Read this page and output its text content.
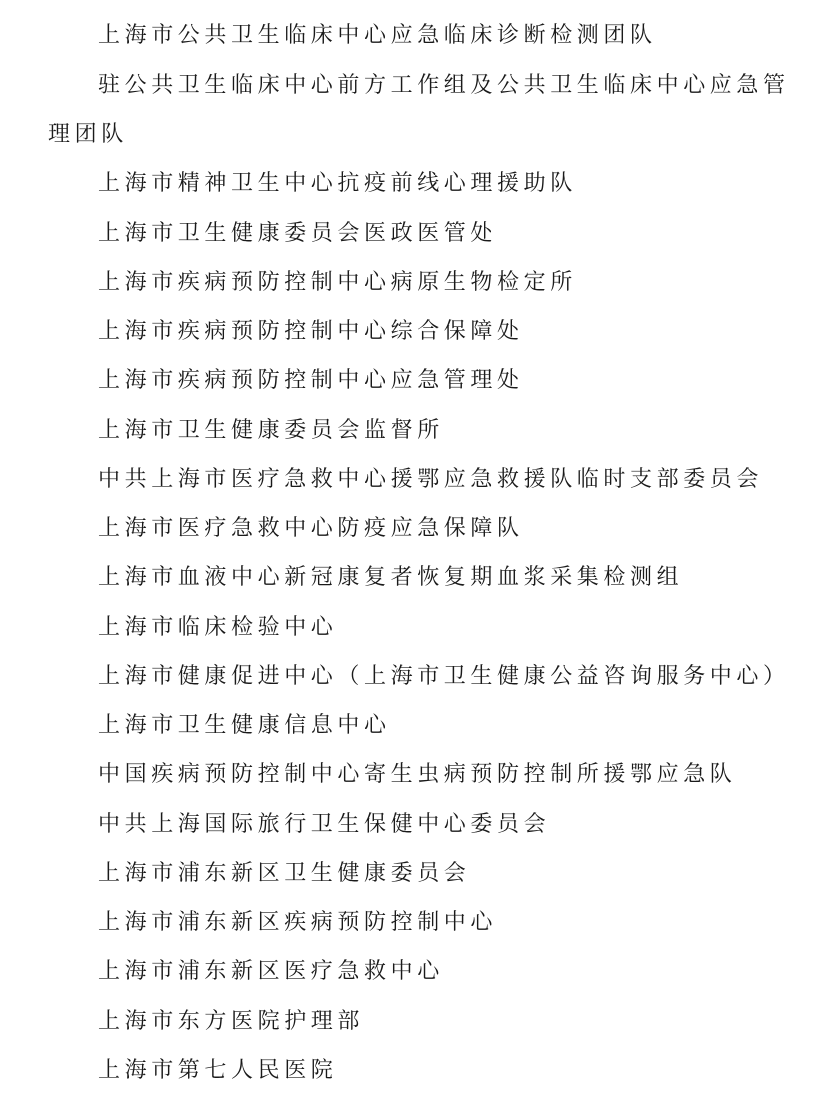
上海市公共卫生临床中心应急临床诊断检测团队
驻公共卫生临床中心前方工作组及公共卫生临床中心应急管
理团队
上海市精神卫生中心抗疫前线心理援助队
上海市卫生健康委员会医政医管处
上海市疾病预防控制中心病原生物检定所
上海市疾病预防控制中心综合保障处
上海市疾病预防控制中心应急管理处
上海市卫生健康委员会监督所
中共上海市医疗急救中心援鄂应急救援队临时支部委员会
上海市医疗急救中心防疫应急保障队
上海市血液中心新冠康复者恢复期血浆采集检测组
上海市临床检验中心
上海市健康促进中心（上海市卫生健康公益咨询服务中心）
上海市卫生健康信息中心
中国疾病预防控制中心寄生虫病预防控制所援鄂应急队
中共上海国际旅行卫生保健中心委员会
上海市浦东新区卫生健康委员会
上海市浦东新区疾病预防控制中心
上海市浦东新区医疗急救中心
上海市东方医院护理部
上海市第七人民医院
